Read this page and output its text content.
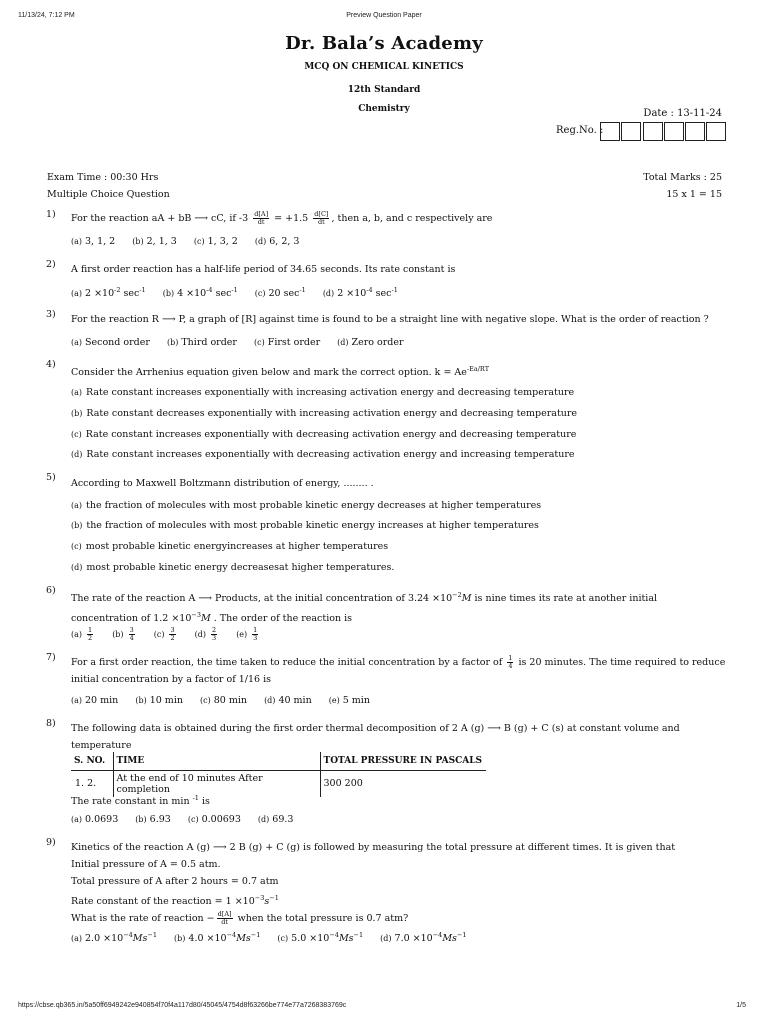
11/13/24, 7:12 PM	Preview Question Paper
Dr. Bala’s Academy
MCQ ON CHEMICAL KINETICS
12th Standard
Chemistry	Date : 13-11-24
Reg.No. :
Exam Time : 00:30 Hrs	Total Marks : 25
Multiple Choice Question	15 x 1 = 15
1) For the reaction aA + bB ⟶ cC, if $-3 \frac{d[A]}{dt} = +1.5 \frac{d[C]}{dt}$ , then a, b, and c respectively are
(a) 3, 1, 2 (b) 2, 1, 3 (c) 1, 3, 2 (d) 6, 2, 3
2) A first order reaction has a half-life period of 34.65 seconds. Its rate constant is
(a) $2 \times 10^{-2}$ $\sec^{-1} (b)$ $4 \times 10^{-4}$ $\sec^{-1} (c)$ 20 $\sec^{-1} (d)$ $2 \times 10^{-4}$ $\sec^{-1}$
3) For the reaction R ⟶ P, a graph of [R] against time is found to be a straight line with negative slope. What is the order of reaction ?
(a) Second order (b) Third order (c) First order (d) Zero order
4)
Consider the Arrhenius equation given below and mark the correct option. $k = Ae^{-Ea/RT}$
(a) Rate constant increases exponentially with increasing activation energy and decreasing temperature
(b) Rate constant decreases exponentially with increasing activation energy and decreasing temperature
(c) Rate constant increases exponentially with decreasing activation energy and decreasing temperature
(d) Rate constant increases exponentially with decreasing activation energy and increasing temperature
5)
According to Maxwell Boltzmann distribution of energy, ........ .
(a) the fraction of molecules with most probable kinetic energy decreases at higher temperatures
(b) the fraction of molecules with most probable kinetic energy increases at higher temperatures
(c) most probable kinetic energyincreases at higher temperatures
(d) most probable kinetic energy decreasesat higher temperatures.
6)
The rate of the reaction A ⟶ Products, at the initial concentration of $3.24 \times 10^{-2}M$ is nine times its rate at another initial
concentration of $1.2 \times 10^{-3}M$ . The order of the reaction is
$(a) \frac{1}{2} (b) \frac{3}{4} (c) \frac{3}{2} (d) \frac{2}{3} (e) \frac{1}{3}$
7) For a first order reaction, the time taken to reduce the initial concentration by a factor of $\frac{1}{4}$ is 20 minutes. The time required to reduce
initial concentration by a factor of 1/16 is
(a) 20 min (b) 10 min (c) 80 min (d) 40 min (e) 5 min
8) The following data is obtained during the first order thermal decomposition of 2 A (g) ⟶ B (g) + C (s) at constant volume and
temperature
S. NO.	TIME	TOTAL PRESSURE IN PASCALS
1. 2.	At the end of 10 minutes After completion	300 200
The rate constant in min $^{-1}$ is
(a) 0.0693 (b) 6.93 (c) 0.00693 (d) 69.3
9) Kinetics of the reaction A (g) ⟶ 2 B (g) + C (g) is followed by measuring the total pressure at different times. It is given that
Initial pressure of A = 0.5 atm.
Total pressure of A after 2 hours = 0.7 atm
Rate constant of the reaction = $1 \times 10^{-3}s^{-1}$
What is the rate of reaction − $\frac{d[A]}{dt}$ when the total pressure is 0.7 atm?
(a) $2.0 \times 10^{-4}Ms^{-1}$ (b) $4.0 \times 10^{-4}Ms^{-1}$ (c) $5.0 \times 10^{-4}Ms^{-1}$ (d) $7.0 \times 10^{-4}Ms^{-1}$
https://cbse.qb365.in/5a50ff6949242e940854f70f4a117d80/45045/4754d8f63266be774e77a7268383769c	1/5
